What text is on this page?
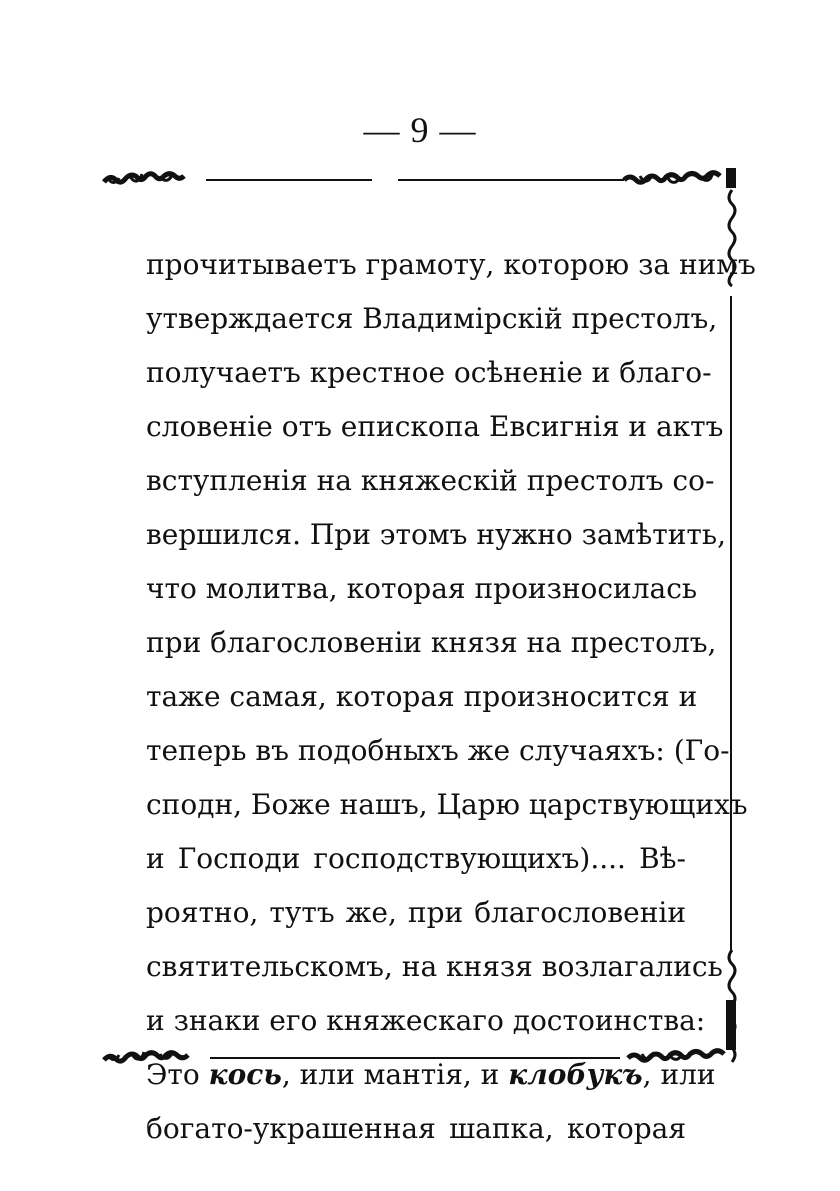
— 9 —
прочитываетъ грамоту, которою за нимъ
утверждается Владимірскій престолъ,
получаетъ крестное осѣненіе и благо-
словеніе отъ епископа Евсигнія и актъ
вступленія на княжескій престолъ со-
вершился. При этомъ нужно замѣтить,
что молитва, которая произносилась
при благословеніи князя на престолъ,
таже самая, которая произносится и
теперь въ подобныхъ же случаяхъ: (Го-
сподн, Боже нашъ, Царю царствующихъ
и Господи господствующихъ).... Вѣ-
роятно, тутъ же, при благословеніи
святительскомъ, на князя возлагались
и знаки его княжескаго достоинства:
Это кось, или мантія, и клобукъ, или
богато-украшенная шапка, которая
